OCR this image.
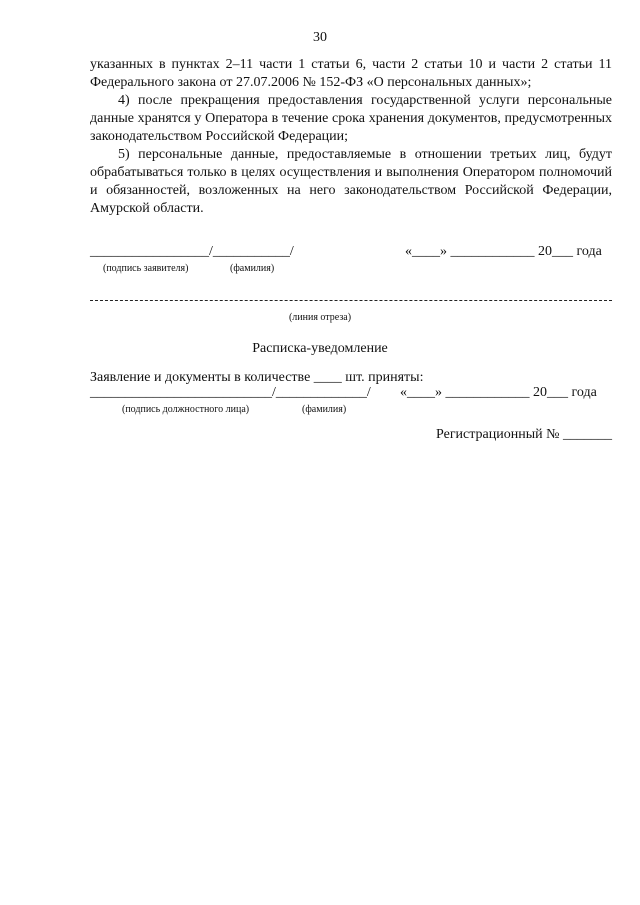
30

указанных в пунктах 2–11 части 1 статьи 6, части 2 статьи 10 и части 2 статьи 11 Федерального закона от 27.07.2006 № 152-ФЗ «О персональных данных»;

4) после прекращения предоставления государственной услуги персональные данные хранятся у Оператора в течение срока хранения документов, предусмотренных законодательством Российской Федерации;

5) персональные данные, предоставляемые в отношении третьих лиц, будут обрабатываться только в целях осуществления и выполнения Оператором полномочий и обязанностей, возложенных на него законодательством Российской Федерации, Амурской области.

_________________/___________/	«____» ____________ 20___ года
(подпись заявителя)	(фамилия)
(линия отреза)
Расписка-уведомление
Заявление и документы в количестве ____ шт. приняты:
__________________________/_____________/ «____» ____________ 20___ года
(подпись должностного лица)	(фамилия)
Регистрационный № _______
